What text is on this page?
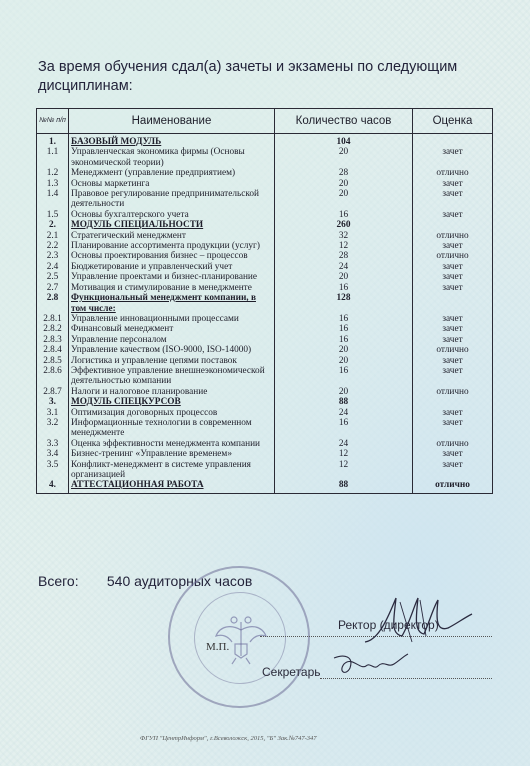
За время обучения сдал(а) зачеты и экзамены по следующим дисциплинам:
№№ п/п	Наименование	Количество часов	Оценка
1.	БАЗОВЫЙ МОДУЛЬ	104	
1.1	Управленческая экономика фирмы (Основы экономической теории)	20	зачет
1.2	Менеджмент (управление предприятием)	28	отлично
1.3	Основы маркетинга	20	зачет
1.4	Правовое регулирование предпринимательской деятельности	20	зачет
1.5	Основы бухгалтерского учета	16	зачет
2.	МОДУЛЬ СПЕЦИАЛЬНОСТИ	260	
2.1	Стратегический менеджмент	32	отлично
2.2	Планирование ассортимента продукции (услуг)	12	зачет
2.3	Основы проектирования бизнес – процессов	28	отлично
2.4	Бюджетирование и управленческий учет	24	зачет
2.5	Управление проектами и бизнес-планирование	20	зачет
2.7	Мотивация и стимулирование в менеджменте	16	зачет
2.8	Функциональный менеджмент компании, в том числе:	128	
2.8.1	Управление инновационными процессами	16	зачет
2.8.2	Финансовый менеджмент	16	зачет
2.8.3	Управление персоналом	16	зачет
2.8.4	Управление качеством (ISO-9000, ISO-14000)	20	отлично
2.8.5	Логистика и управление цепями поставок	20	зачет
2.8.6	Эффективное управление внешнеэкономической деятельностью компании	16	зачет
2.8.7	Налоги и налоговое планирование	20	отлично
3.	МОДУЛЬ СПЕЦКУРСОВ	88	
3.1	Оптимизация договорных процессов	24	зачет
3.2	Информационные технологии в современном менеджменте	16	зачет
3.3	Оценка эффективности менеджмента компании	24	отлично
3.4	Бизнес-тренинг «Управление временем»	12	зачет
3.5	Конфликт-менеджмент в системе управления организацией	12	зачет
4.	АТТЕСТАЦИОННАЯ РАБОТА	88	отлично
Всего: 540 аудиторных часов
М.П.
Ректор (директор)
Секретарь
ФГУП "ЦентрИнформ", г.Всеволожск, 2015, "Б" Зак.№747-347
